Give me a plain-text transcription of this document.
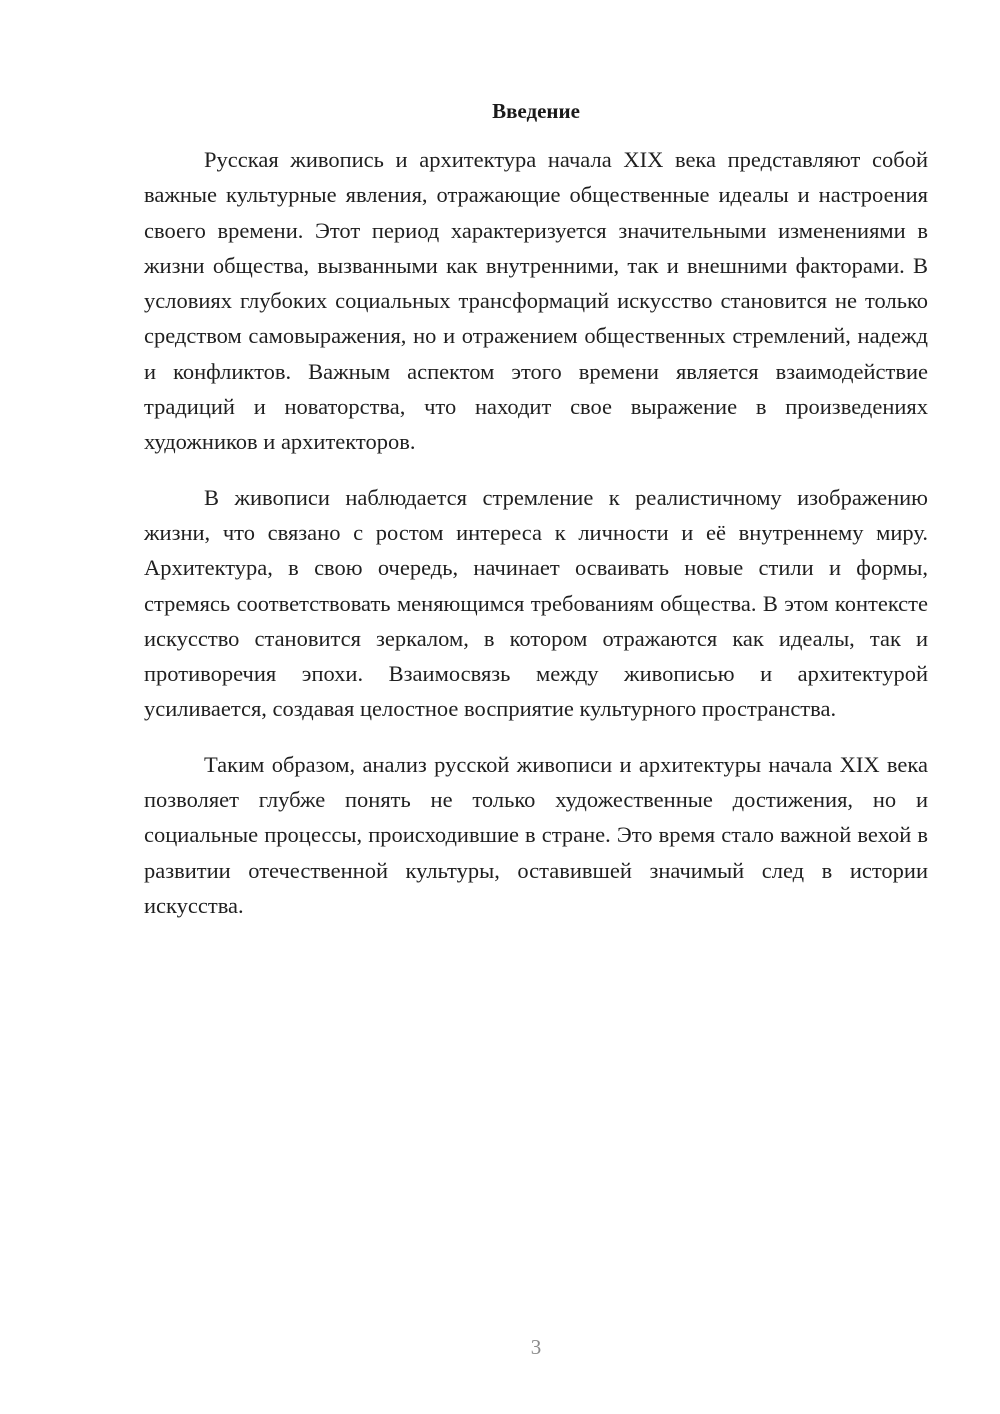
Введение

Русская живопись и архитектура начала XIX века представляют собой важные культурные явления, отражающие общественные идеалы и настроения своего времени. Этот период характеризуется значительными изменениями в жизни общества, вызванными как внутренними, так и внешними факторами. В условиях глубоких социальных трансформаций искусство становится не только средством самовыражения, но и отражением общественных стремлений, надежд и конфликтов. Важным аспектом этого времени является взаимодействие традиций и новаторства, что находит свое выражение в произведениях художников и архитекторов.

В живописи наблюдается стремление к реалистичному изображению жизни, что связано с ростом интереса к личности и её внутреннему миру. Архитектура, в свою очередь, начинает осваивать новые стили и формы, стремясь соответствовать меняющимся требованиям общества. В этом контексте искусство становится зеркалом, в котором отражаются как идеалы, так и противоречия эпохи. Взаимосвязь между живописью и архитектурой усиливается, создавая целостное восприятие культурного пространства.

Таким образом, анализ русской живописи и архитектуры начала XIX века позволяет глубже понять не только художественные достижения, но и социальные процессы, происходившие в стране. Это время стало важной вехой в развитии отечественной культуры, оставившей значимый след в истории искусства.

3
